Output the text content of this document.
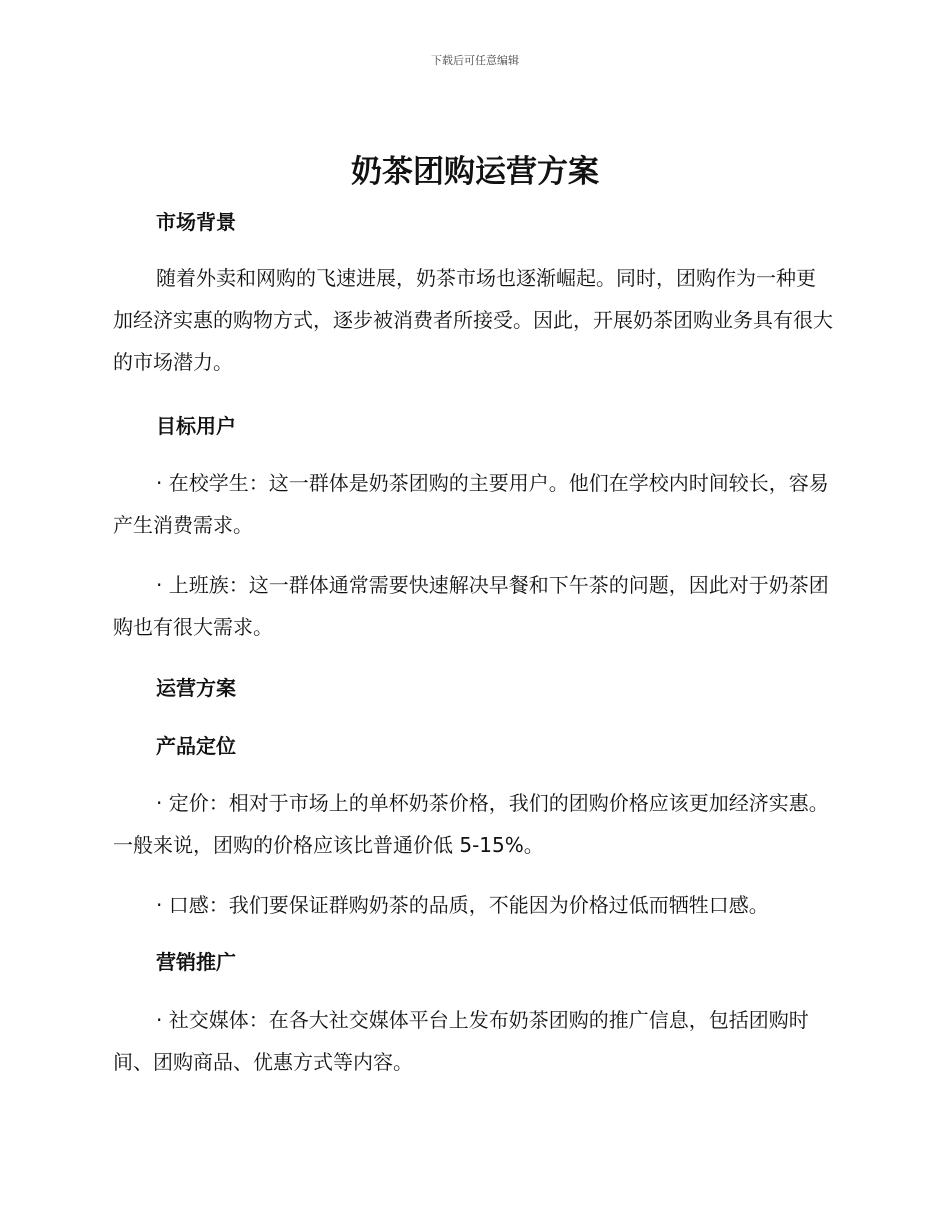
下载后可任意编辑
奶茶团购运营方案

市场背景

随着外卖和网购的飞速进展，奶茶市场也逐渐崛起。同时，团购作为一种更加经济实惠的购物方式，逐步被消费者所接受。因此，开展奶茶团购业务具有很大的市场潜力。

目标用户

· 在校学生：这一群体是奶茶团购的主要用户。他们在学校内时间较长，容易产生消费需求。

· 上班族：这一群体通常需要快速解决早餐和下午茶的问题，因此对于奶茶团购也有很大需求。

运营方案

产品定位

· 定价：相对于市场上的单杯奶茶价格，我们的团购价格应该更加经济实惠。一般来说，团购的价格应该比普通价低 5-15%。

· 口感：我们要保证群购奶茶的品质，不能因为价格过低而牺牲口感。

营销推广

· 社交媒体：在各大社交媒体平台上发布奶茶团购的推广信息，包括团购时间、团购商品、优惠方式等内容。
